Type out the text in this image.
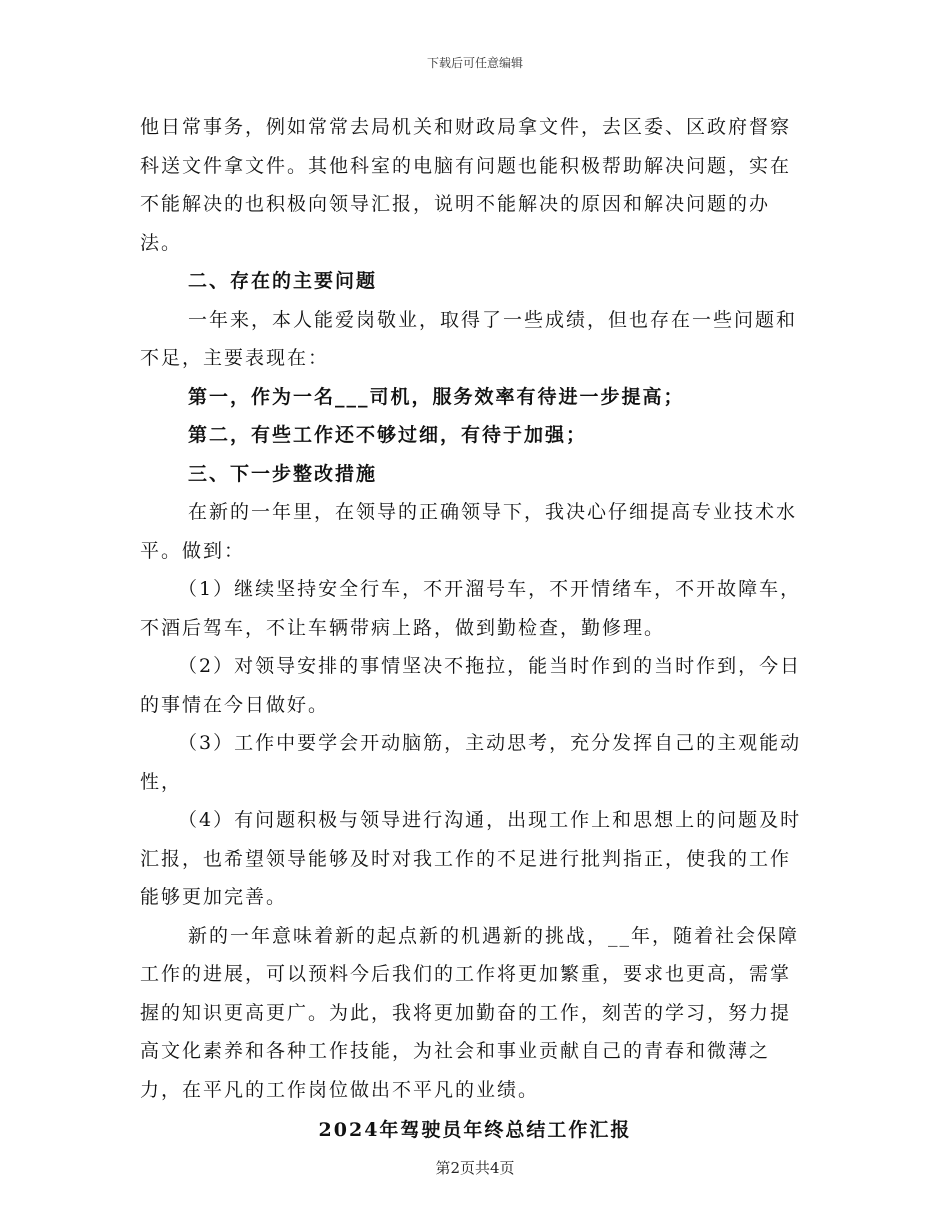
下载后可任意编辑

他日常事务，例如常常去局机关和财政局拿文件，去区委、区政府督察科送文件拿文件。其他科室的电脑有问题也能积极帮助解决问题，实在不能解决的也积极向领导汇报，说明不能解决的原因和解决问题的办法。

二、存在的主要问题

一年来，本人能爱岗敬业，取得了一些成绩，但也存在一些问题和不足，主要表现在：

第一，作为一名___司机，服务效率有待进一步提高；

第二，有些工作还不够过细，有待于加强；

三、下一步整改措施

在新的一年里，在领导的正确领导下，我决心仔细提高专业技术水平。做到：

（1）继续坚持安全行车，不开溜号车，不开情绪车，不开故障车，不酒后驾车，不让车辆带病上路，做到勤检查，勤修理。

（2）对领导安排的事情坚决不拖拉，能当时作到的当时作到，今日的事情在今日做好。

（3）工作中要学会开动脑筋，主动思考，充分发挥自己的主观能动性，

（4）有问题积极与领导进行沟通，出现工作上和思想上的问题及时汇报，也希望领导能够及时对我工作的不足进行批判指正，使我的工作能够更加完善。

新的一年意味着新的起点新的机遇新的挑战，__年，随着社会保障工作的进展，可以预料今后我们的工作将更加繁重，要求也更高，需掌握的知识更高更广。为此，我将更加勤奋的工作，刻苦的学习，努力提高文化素养和各种工作技能，为社会和事业贡献自己的青春和微薄之力，在平凡的工作岗位做出不平凡的业绩。

2024年驾驶员年终总结工作汇报

第2页共4页
